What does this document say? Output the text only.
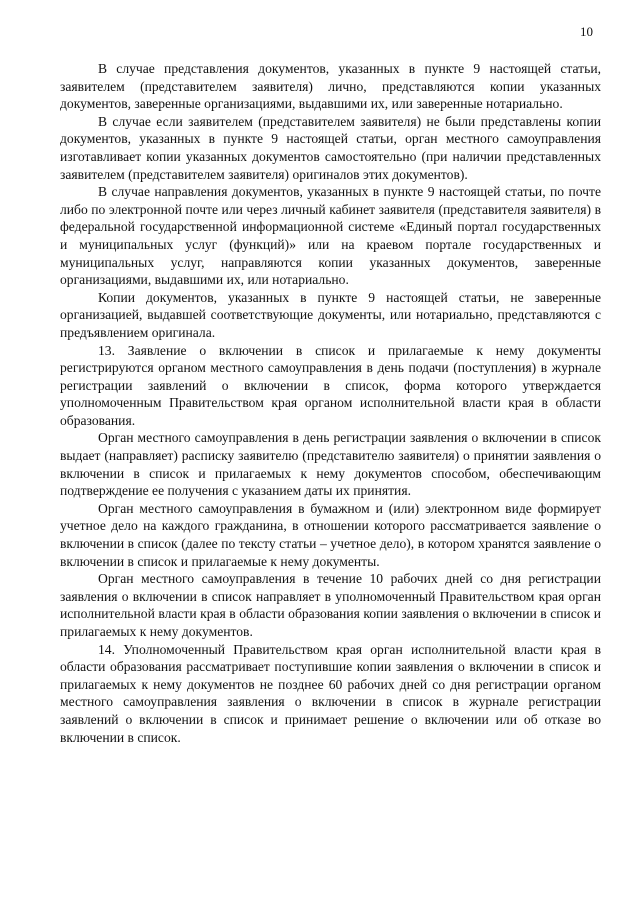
10

В случае представления документов, указанных в пункте 9 настоящей статьи, заявителем (представителем заявителя) лично, представляются копии указанных документов, заверенные организациями, выдавшими их, или заверенные нотариально.

В случае если заявителем (представителем заявителя) не были представлены копии документов, указанных в пункте 9 настоящей статьи, орган местного самоуправления изготавливает копии указанных документов самостоятельно (при наличии представленных заявителем (представителем заявителя) оригиналов этих документов).

В случае направления документов, указанных в пункте 9 настоящей статьи, по почте либо по электронной почте или через личный кабинет заявителя (представителя заявителя) в федеральной государственной информационной системе «Единый портал государственных и муниципальных услуг (функций)» или на краевом портале государственных и муниципальных услуг, направляются копии указанных документов, заверенные организациями, выдавшими их, или нотариально.

Копии документов, указанных в пункте 9 настоящей статьи, не заверенные организацией, выдавшей соответствующие документы, или нотариально, представляются с предъявлением оригинала.

13. Заявление о включении в список и прилагаемые к нему документы регистрируются органом местного самоуправления в день подачи (поступления) в журнале регистрации заявлений о включении в список, форма которого утверждается уполномоченным Правительством края органом исполнительной власти края в области образования.

Орган местного самоуправления в день регистрации заявления о включении в список выдает (направляет) расписку заявителю (представителю заявителя) о принятии заявления о включении в список и прилагаемых к нему документов способом, обеспечивающим подтверждение ее получения с указанием даты их принятия.

Орган местного самоуправления в бумажном и (или) электронном виде формирует учетное дело на каждого гражданина, в отношении которого рассматривается заявление о включении в список (далее по тексту статьи – учетное дело), в котором хранятся заявление о включении в список и прилагаемые к нему документы.

Орган местного самоуправления в течение 10 рабочих дней со дня регистрации заявления о включении в список направляет в уполномоченный Правительством края орган исполнительной власти края в области образования копии заявления о включении в список и прилагаемых к нему документов.

14. Уполномоченный Правительством края орган исполнительной власти края в области образования рассматривает поступившие копии заявления о включении в список и прилагаемых к нему документов не позднее 60 рабочих дней со дня регистрации органом местного самоуправления заявления о включении в список в журнале регистрации заявлений о включении в список и принимает решение о включении или об отказе во включении в список.
